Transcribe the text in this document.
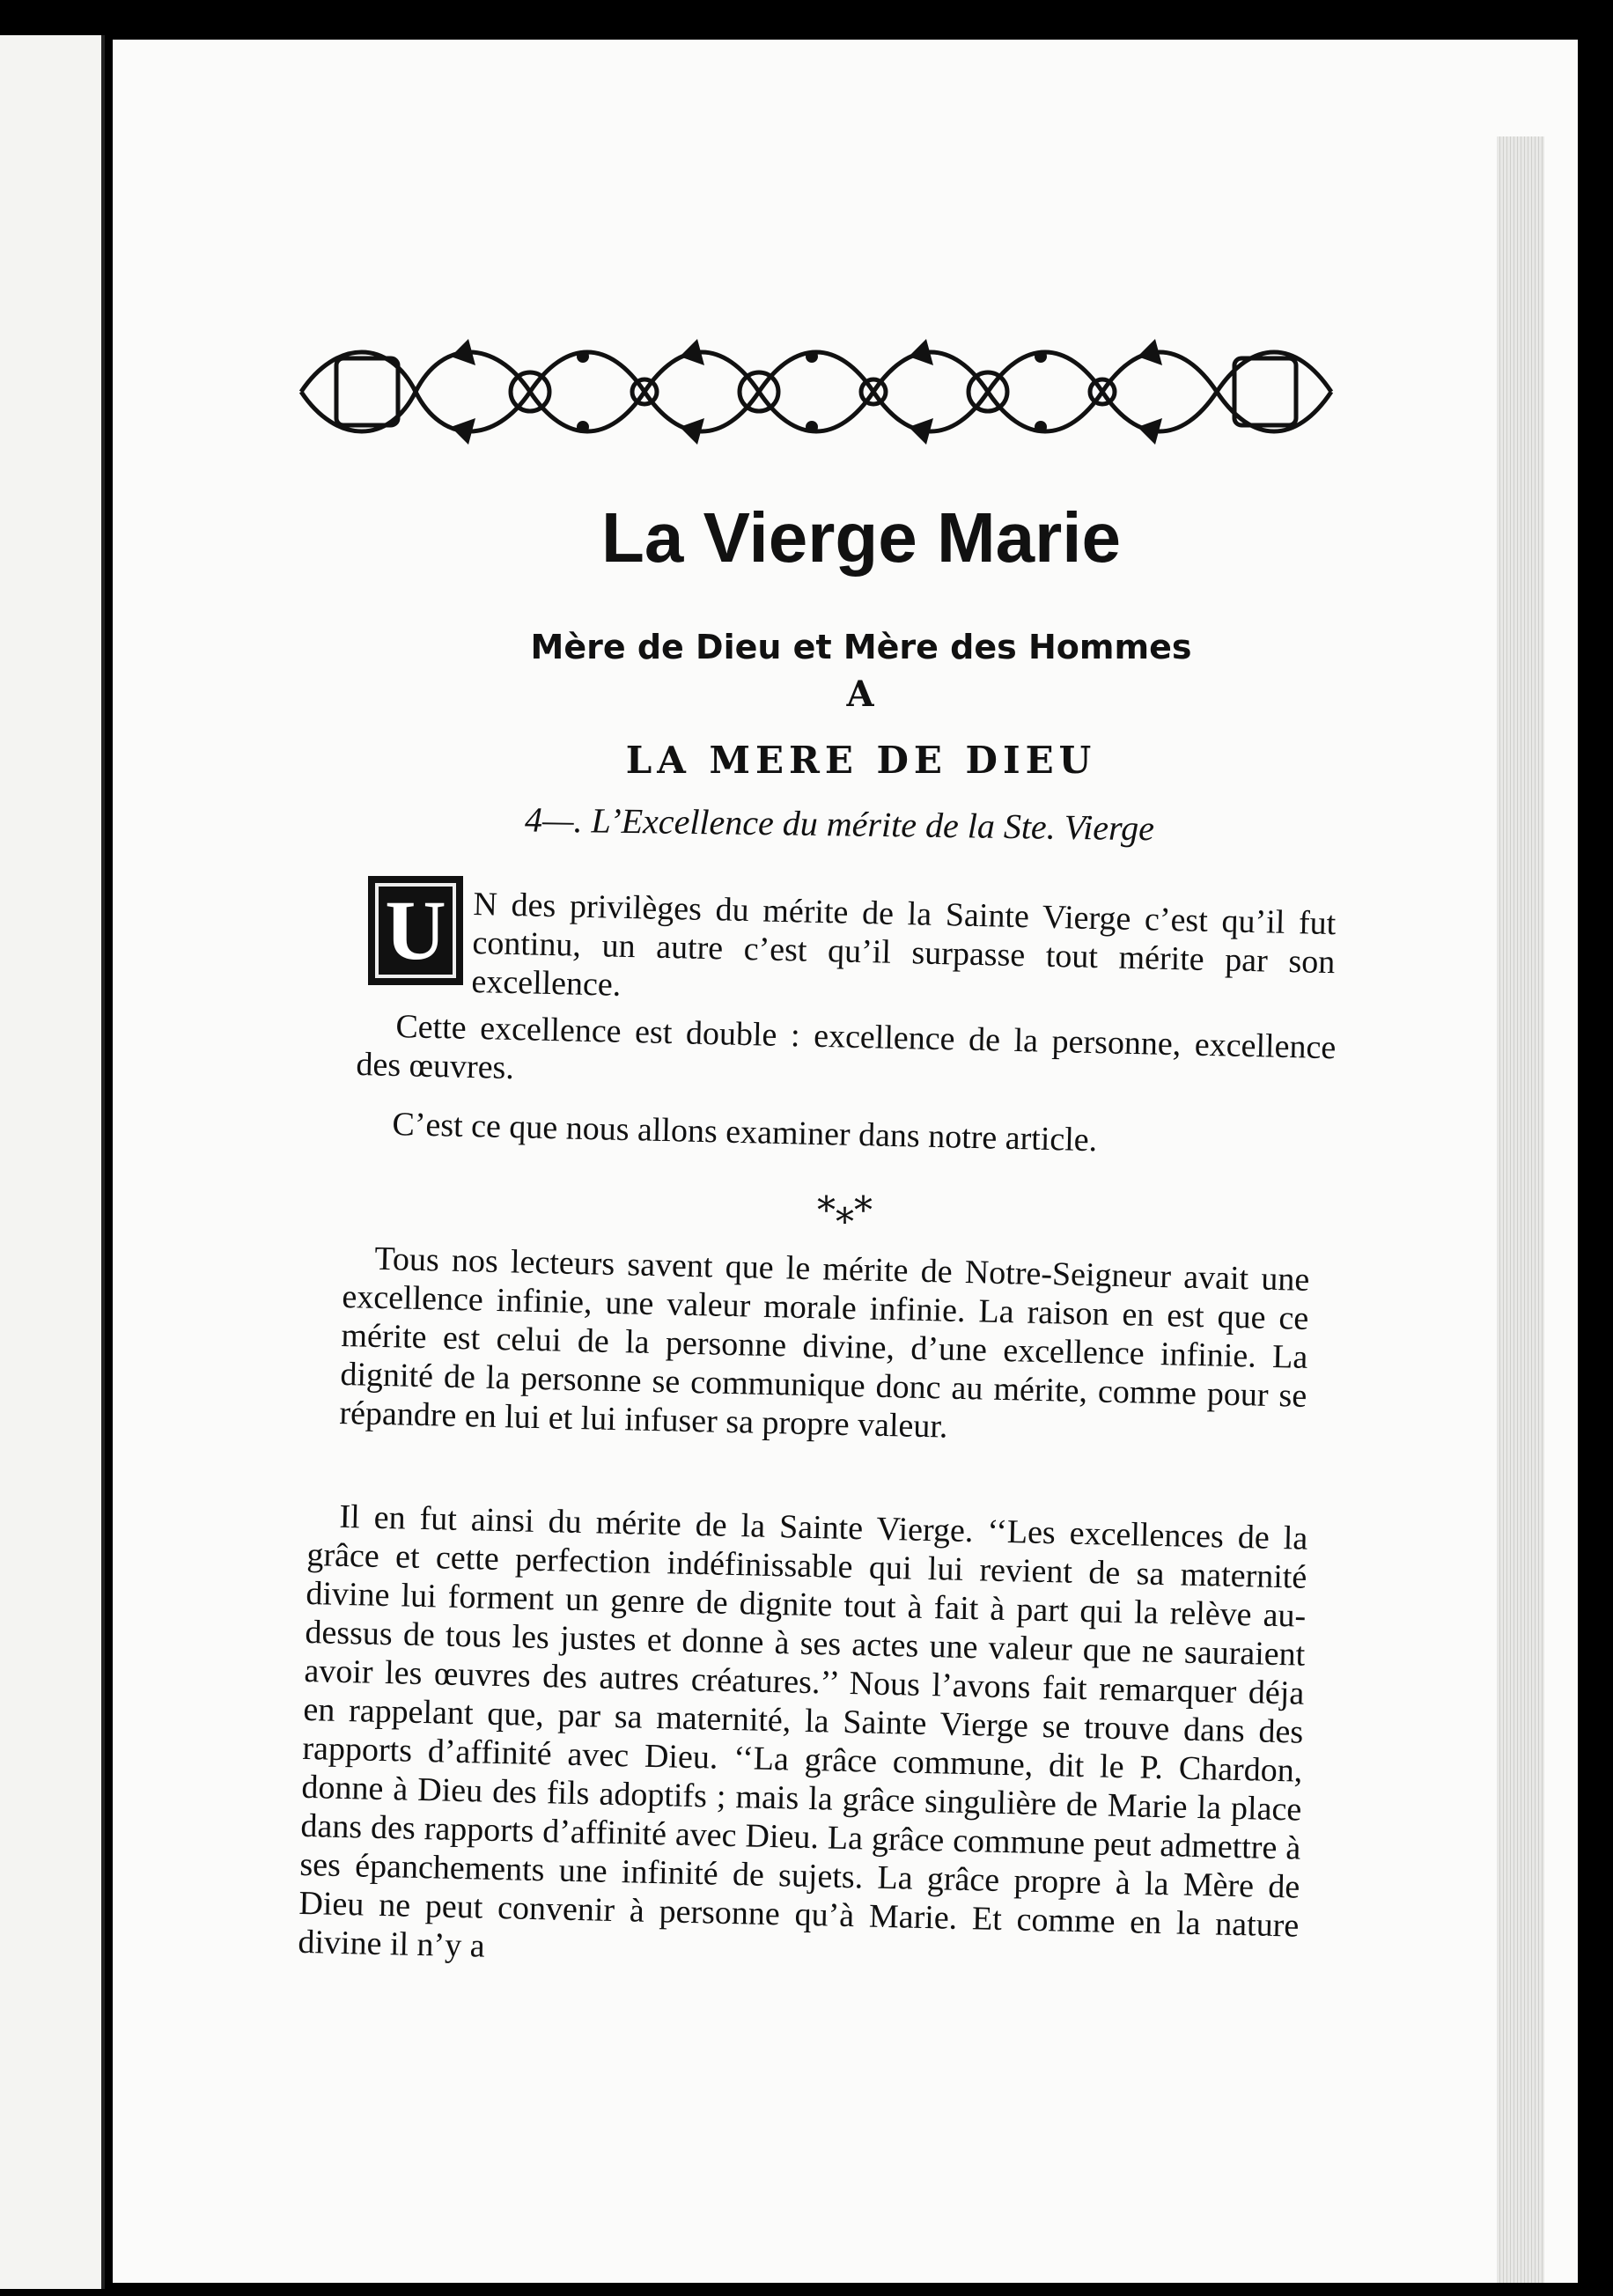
La Vierge Marie
Mère de Dieu et Mère des Hommes
A
LA MERE DE DIEU
4—. L’Excellence du mérite de la Ste. Vierge
U N des privilèges du mérite de la Sainte Vierge c’est qu’il fut continu, un autre c’est qu’il surpasse tout mérite par son excellence.

Cette excellence est double : excellence de la personne, excellence des œuvres.

C’est ce que nous allons examiner dans notre article.

*⁎*

Tous nos lecteurs savent que le mérite de Notre-Seigneur avait une excellence infinie, une valeur morale infinie. La raison en est que ce mérite est celui de la personne divine, d’une excellence infinie. La dignité de la personne se communique donc au mérite, comme pour se répandre en lui et lui infuser sa propre valeur.

Il en fut ainsi du mérite de la Sainte Vierge. ‘‘Les excellences de la grâce et cette perfection indéfinissable qui lui revient de sa maternité divine lui forment un genre de dignite tout à fait à part qui la relève au-dessus de tous les justes et donne à ses actes une valeur que ne sauraient avoir les œuvres des autres créatures.’’ Nous l’avons fait remarquer déja en rappelant que, par sa maternité, la Sainte Vierge se trouve dans des rapports d’affinité avec Dieu. ‘‘La grâce commune, dit le P. Chardon, donne à Dieu des fils adoptifs ; mais la grâce singulière de Marie la place dans des rapports d’affinité avec Dieu. La grâce commune peut admettre à ses épanchements une infinité de sujets. La grâce propre à la Mère de Dieu ne peut convenir à personne qu’à Marie. Et comme en la nature divine il n’y a
